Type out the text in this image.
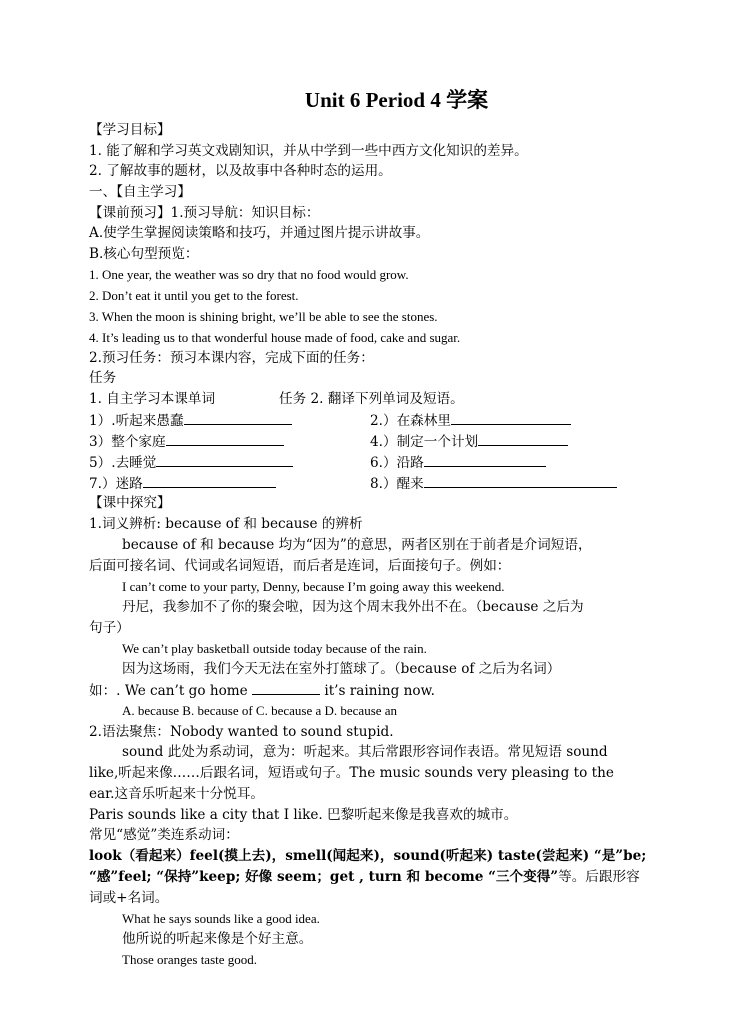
Unit 6 Period 4 学案
【学习目标】
1. 能了解和学习英文戏剧知识，并从中学到一些中西方文化知识的差异。
2. 了解故事的题材，以及故事中各种时态的运用。
一、【自主学习】
【课前预习】1.预习导航：知识目标：
A.使学生掌握阅读策略和技巧，并通过图片提示讲故事。
B.核心句型预览：
1. One year, the weather was so dry that no food would grow.
2. Don’t eat it until you get to the forest.
3. When the moon is shining bright, we’ll be able to see the stones.
4. It’s leading us to that wonderful house made of food, cake and sugar.
2.预习任务：预习本课内容，完成下面的任务：
任务
1. 自主学习本课单词	任务 2. 翻译下列单词及短语。
1）.听起来愚蠢	2.）在森林里
3）整个家庭	4.）制定一个计划
5）.去睡觉	6.）沿路
7.）迷路	8.）醒来
【课中探究】
1.词义辨析: because of 和 because 的辨析
because of 和 because 均为“因为”的意思，两者区别在于前者是介词短语，
后面可接名词、代词或名词短语，而后者是连词，后面接句子。例如：
I can’t come to your party, Denny, because I’m going away this weekend.
丹尼，我参加不了你的聚会啦，因为这个周末我外出不在。（because 之后为
句子）
We can’t play basketball outside today because of the rain.
因为这场雨，我们今天无法在室外打篮球了。（because of 之后为名词）
如：. We can’t go home	it’s raining now.
A. because B. because of C. because a D. because an
2.语法聚焦：Nobody wanted to sound stupid.
sound 此处为系动词，意为：听起来。其后常跟形容词作表语。常见短语 sound
like,听起来像……后跟名词，短语或句子。The music sounds very pleasing to the
ear.这音乐听起来十分悦耳。
Paris sounds like a city that I like. 巴黎听起来像是我喜欢的城市。
常见“感觉”类连系动词：
look（看起来）feel(摸上去)，smell(闻起来)，sound(听起来) taste(尝起来) “是”be;
“感”feel; “保持”keep; 好像 seem；get , turn 和 become “三个变得”等。后跟形容
词或+名词。
What he says sounds like a good idea.
他所说的听起来像是个好主意。
Those oranges taste good.
